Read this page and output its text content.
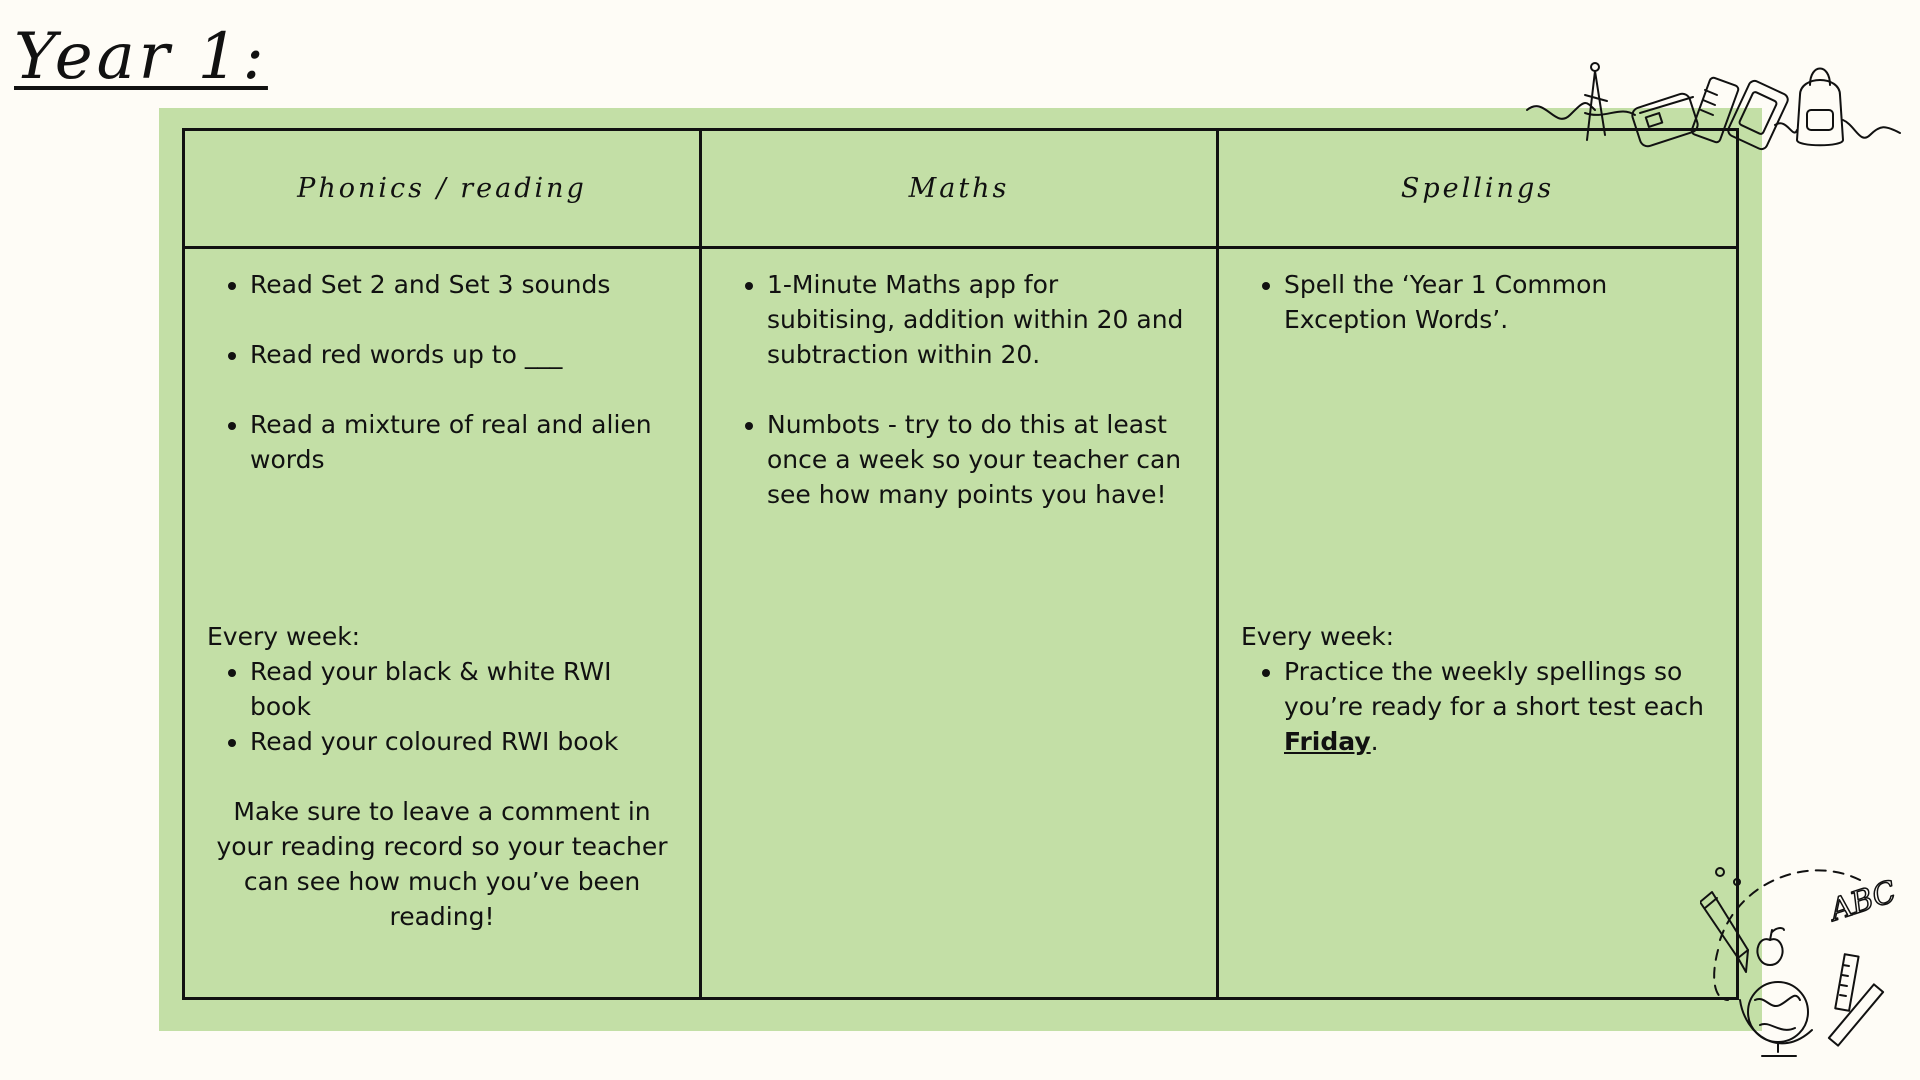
Year 1:
Phonics / reading	Maths	Spellings
• Read Set 2 and Set 3 sounds
• Read red words up to ___
• Read a mixture of real and alien words

Every week:

• Read your black & white RWI book
• Read your coloured RWI book

Make sure to leave a comment in your reading record so your teacher can see how much you’ve been reading!

• 1-Minute Maths app for subitising, addition within 20 and subtraction within 20.
• Numbots - try to do this at least once a week so your teacher can see how many points you have!
• Spell the ‘Year 1 Common Exception Words’.

Every week:

• Practice the weekly spellings so you’re ready for a short test each Friday.
ABC
